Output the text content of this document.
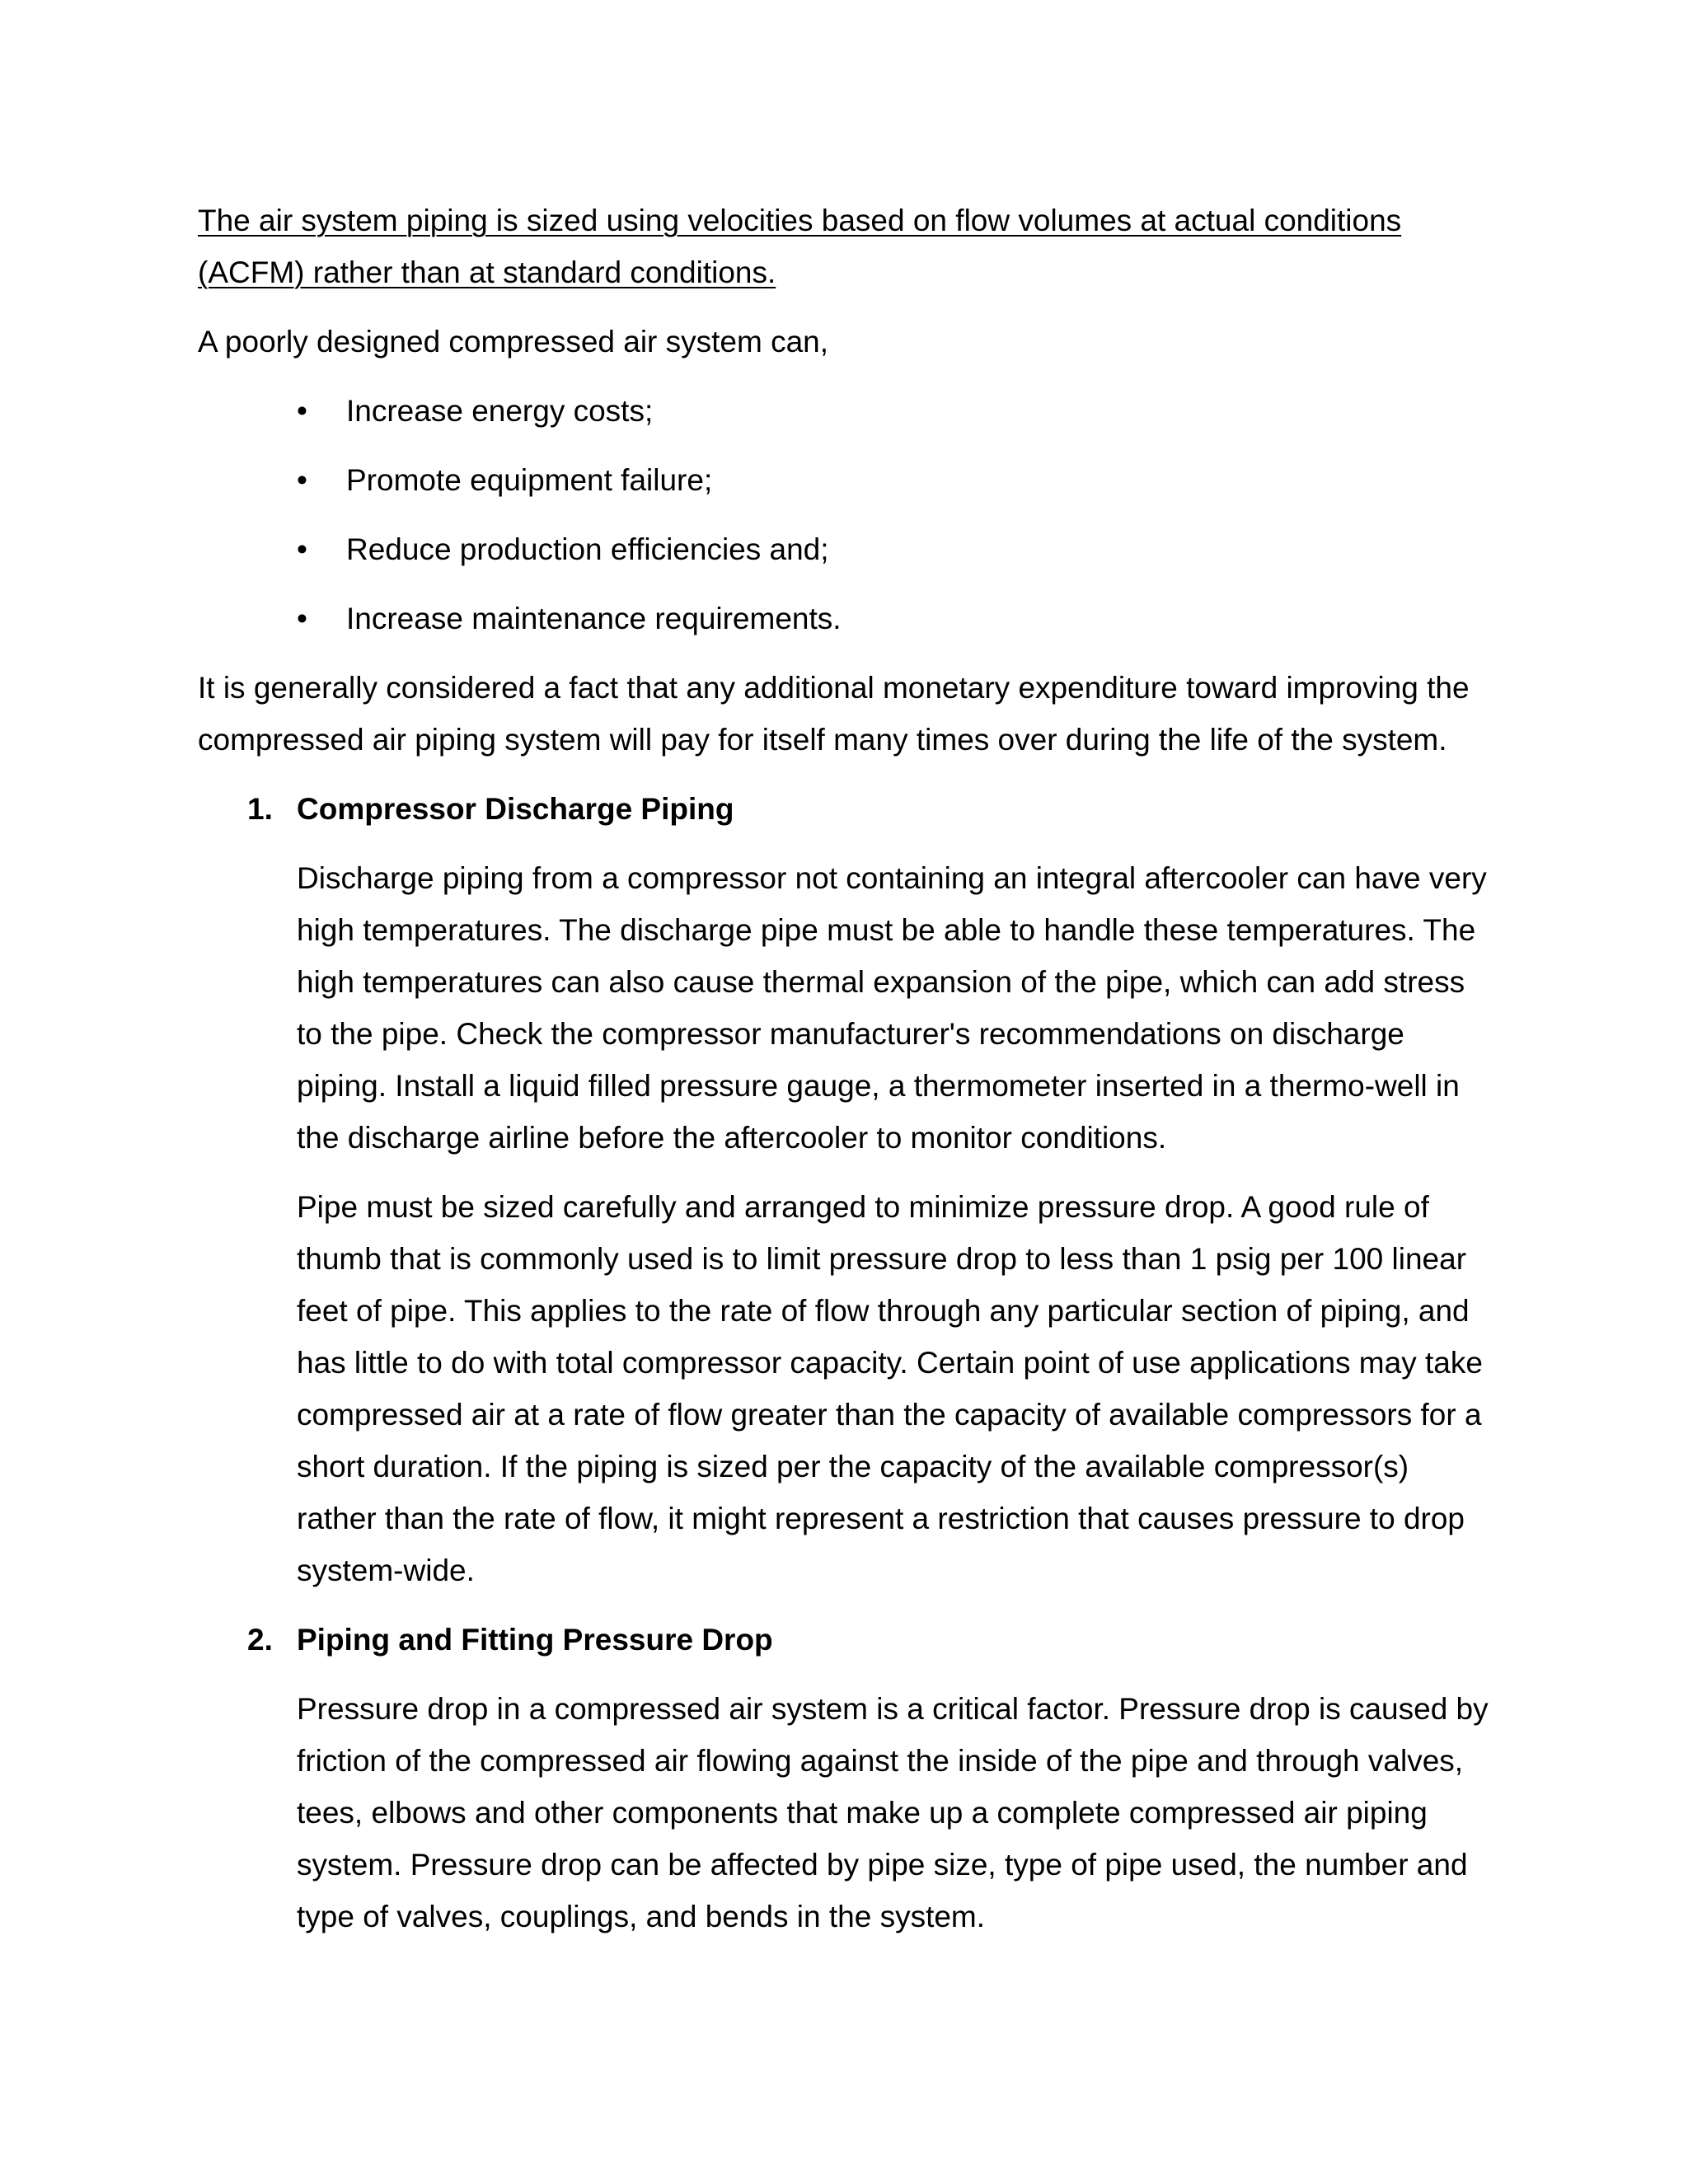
The air system piping is sized using velocities based on flow volumes at actual conditions (ACFM) rather than at standard conditions.

A poorly designed compressed air system can,

•	Increase energy costs;
•	Promote equipment failure;
•	Reduce production efficiencies and;
•	Increase maintenance requirements.

It is generally considered a fact that any additional monetary expenditure toward improving the compressed air piping system will pay for itself many times over during the life of the system.

1. Compressor Discharge Piping

Discharge piping from a compressor not containing an integral aftercooler can have very high temperatures. The discharge pipe must be able to handle these temperatures. The high temperatures can also cause thermal expansion of the pipe, which can add stress to the pipe. Check the compressor manufacturer's recommendations on discharge piping. Install a liquid filled pressure gauge, a thermometer inserted in a thermo-well in the discharge airline before the aftercooler to monitor conditions.

Pipe must be sized carefully and arranged to minimize pressure drop. A good rule of thumb that is commonly used is to limit pressure drop to less than 1 psig per 100 linear feet of pipe. This applies to the rate of flow through any particular section of piping, and has little to do with total compressor capacity. Certain point of use applications may take compressed air at a rate of flow greater than the capacity of available compressors for a short duration. If the piping is sized per the capacity of the available compressor(s) rather than the rate of flow, it might represent a restriction that causes pressure to drop system-wide.

2. Piping and Fitting Pressure Drop

Pressure drop in a compressed air system is a critical factor. Pressure drop is caused by friction of the compressed air flowing against the inside of the pipe and through valves, tees, elbows and other components that make up a complete compressed air piping system. Pressure drop can be affected by pipe size, type of pipe used, the number and type of valves, couplings, and bends in the system.
